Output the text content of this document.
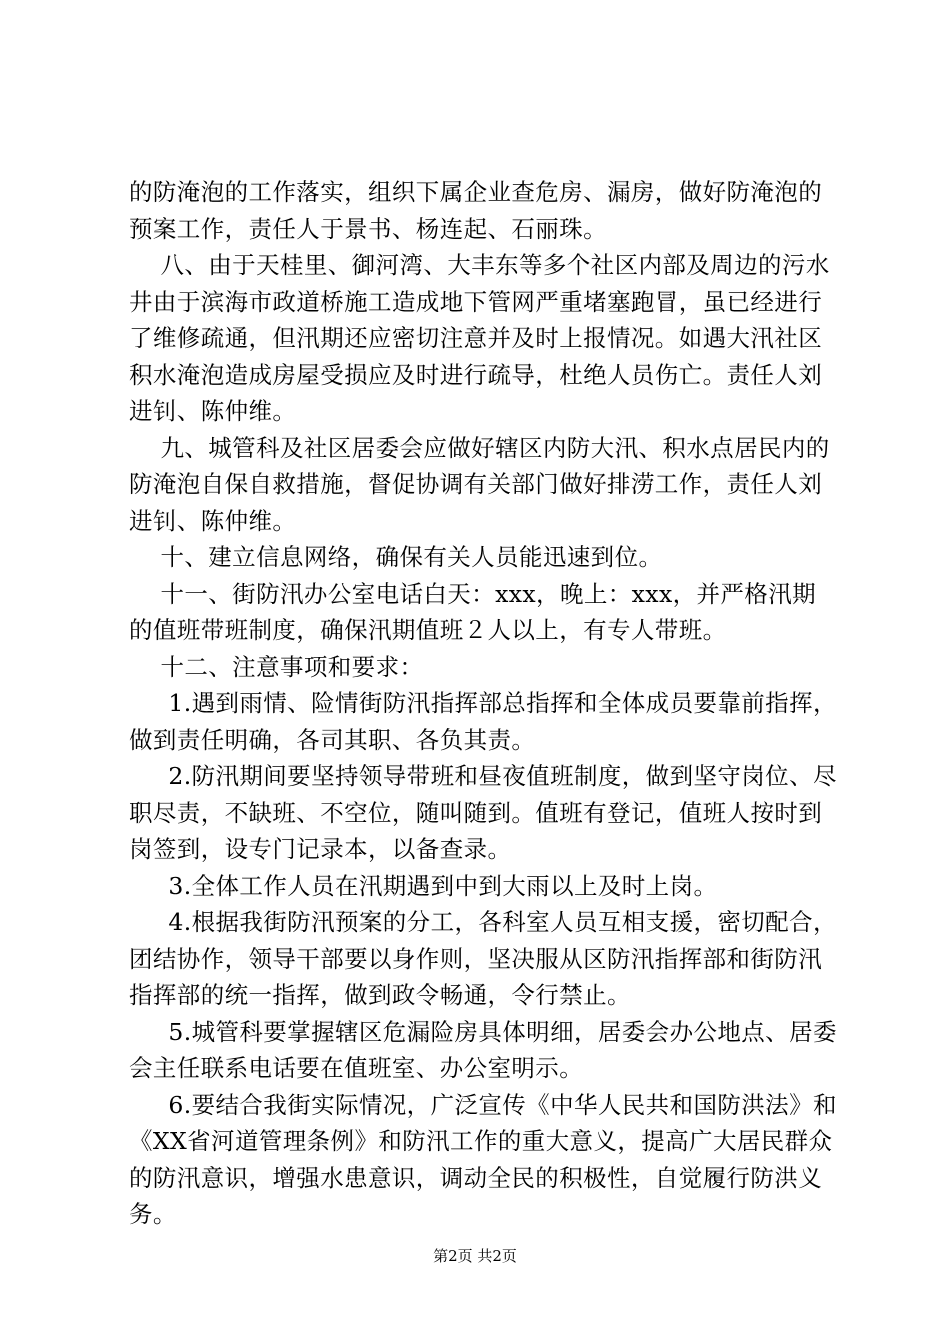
的防淹泡的工作落实，组织下属企业查危房、漏房，做好防淹泡的预案工作，责任人于景书、杨连起、石丽珠。

八、由于天桂里、御河湾、大丰东等多个社区内部及周边的污水井由于滨海市政道桥施工造成地下管网严重堵塞跑冒，虽已经进行了维修疏通，但汛期还应密切注意并及时上报情况。如遇大汛社区积水淹泡造成房屋受损应及时进行疏导，杜绝人员伤亡。责任人刘进钊、陈仲维。

九、城管科及社区居委会应做好辖区内防大汛、积水点居民内的防淹泡自保自救措施，督促协调有关部门做好排涝工作，责任人刘进钊、陈仲维。

十、建立信息网络，确保有关人员能迅速到位。

十一、街防汛办公室电话白天：xxx，晚上：xxx，并严格汛期的值班带班制度，确保汛期值班２人以上，有专人带班。

十二、注意事项和要求：

1.遇到雨情、险情街防汛指挥部总指挥和全体成员要靠前指挥，做到责任明确，各司其职、各负其责。

2.防汛期间要坚持领导带班和昼夜值班制度，做到坚守岗位、尽职尽责，不缺班、不空位，随叫随到。值班有登记，值班人按时到岗签到，设专门记录本，以备查录。

3.全体工作人员在汛期遇到中到大雨以上及时上岗。

4.根据我街防汛预案的分工，各科室人员互相支援，密切配合，团结协作，领导干部要以身作则，坚决服从区防汛指挥部和街防汛指挥部的统一指挥，做到政令畅通，令行禁止。

5.城管科要掌握辖区危漏险房具体明细，居委会办公地点、居委会主任联系电话要在值班室、办公室明示。

6.要结合我街实际情况，广泛宣传《中华人民共和国防洪法》和《XX省河道管理条例》和防汛工作的重大意义，提高广大居民群众的防汛意识，增强水患意识，调动全民的积极性，自觉履行防洪义务。

第2页 共2页
